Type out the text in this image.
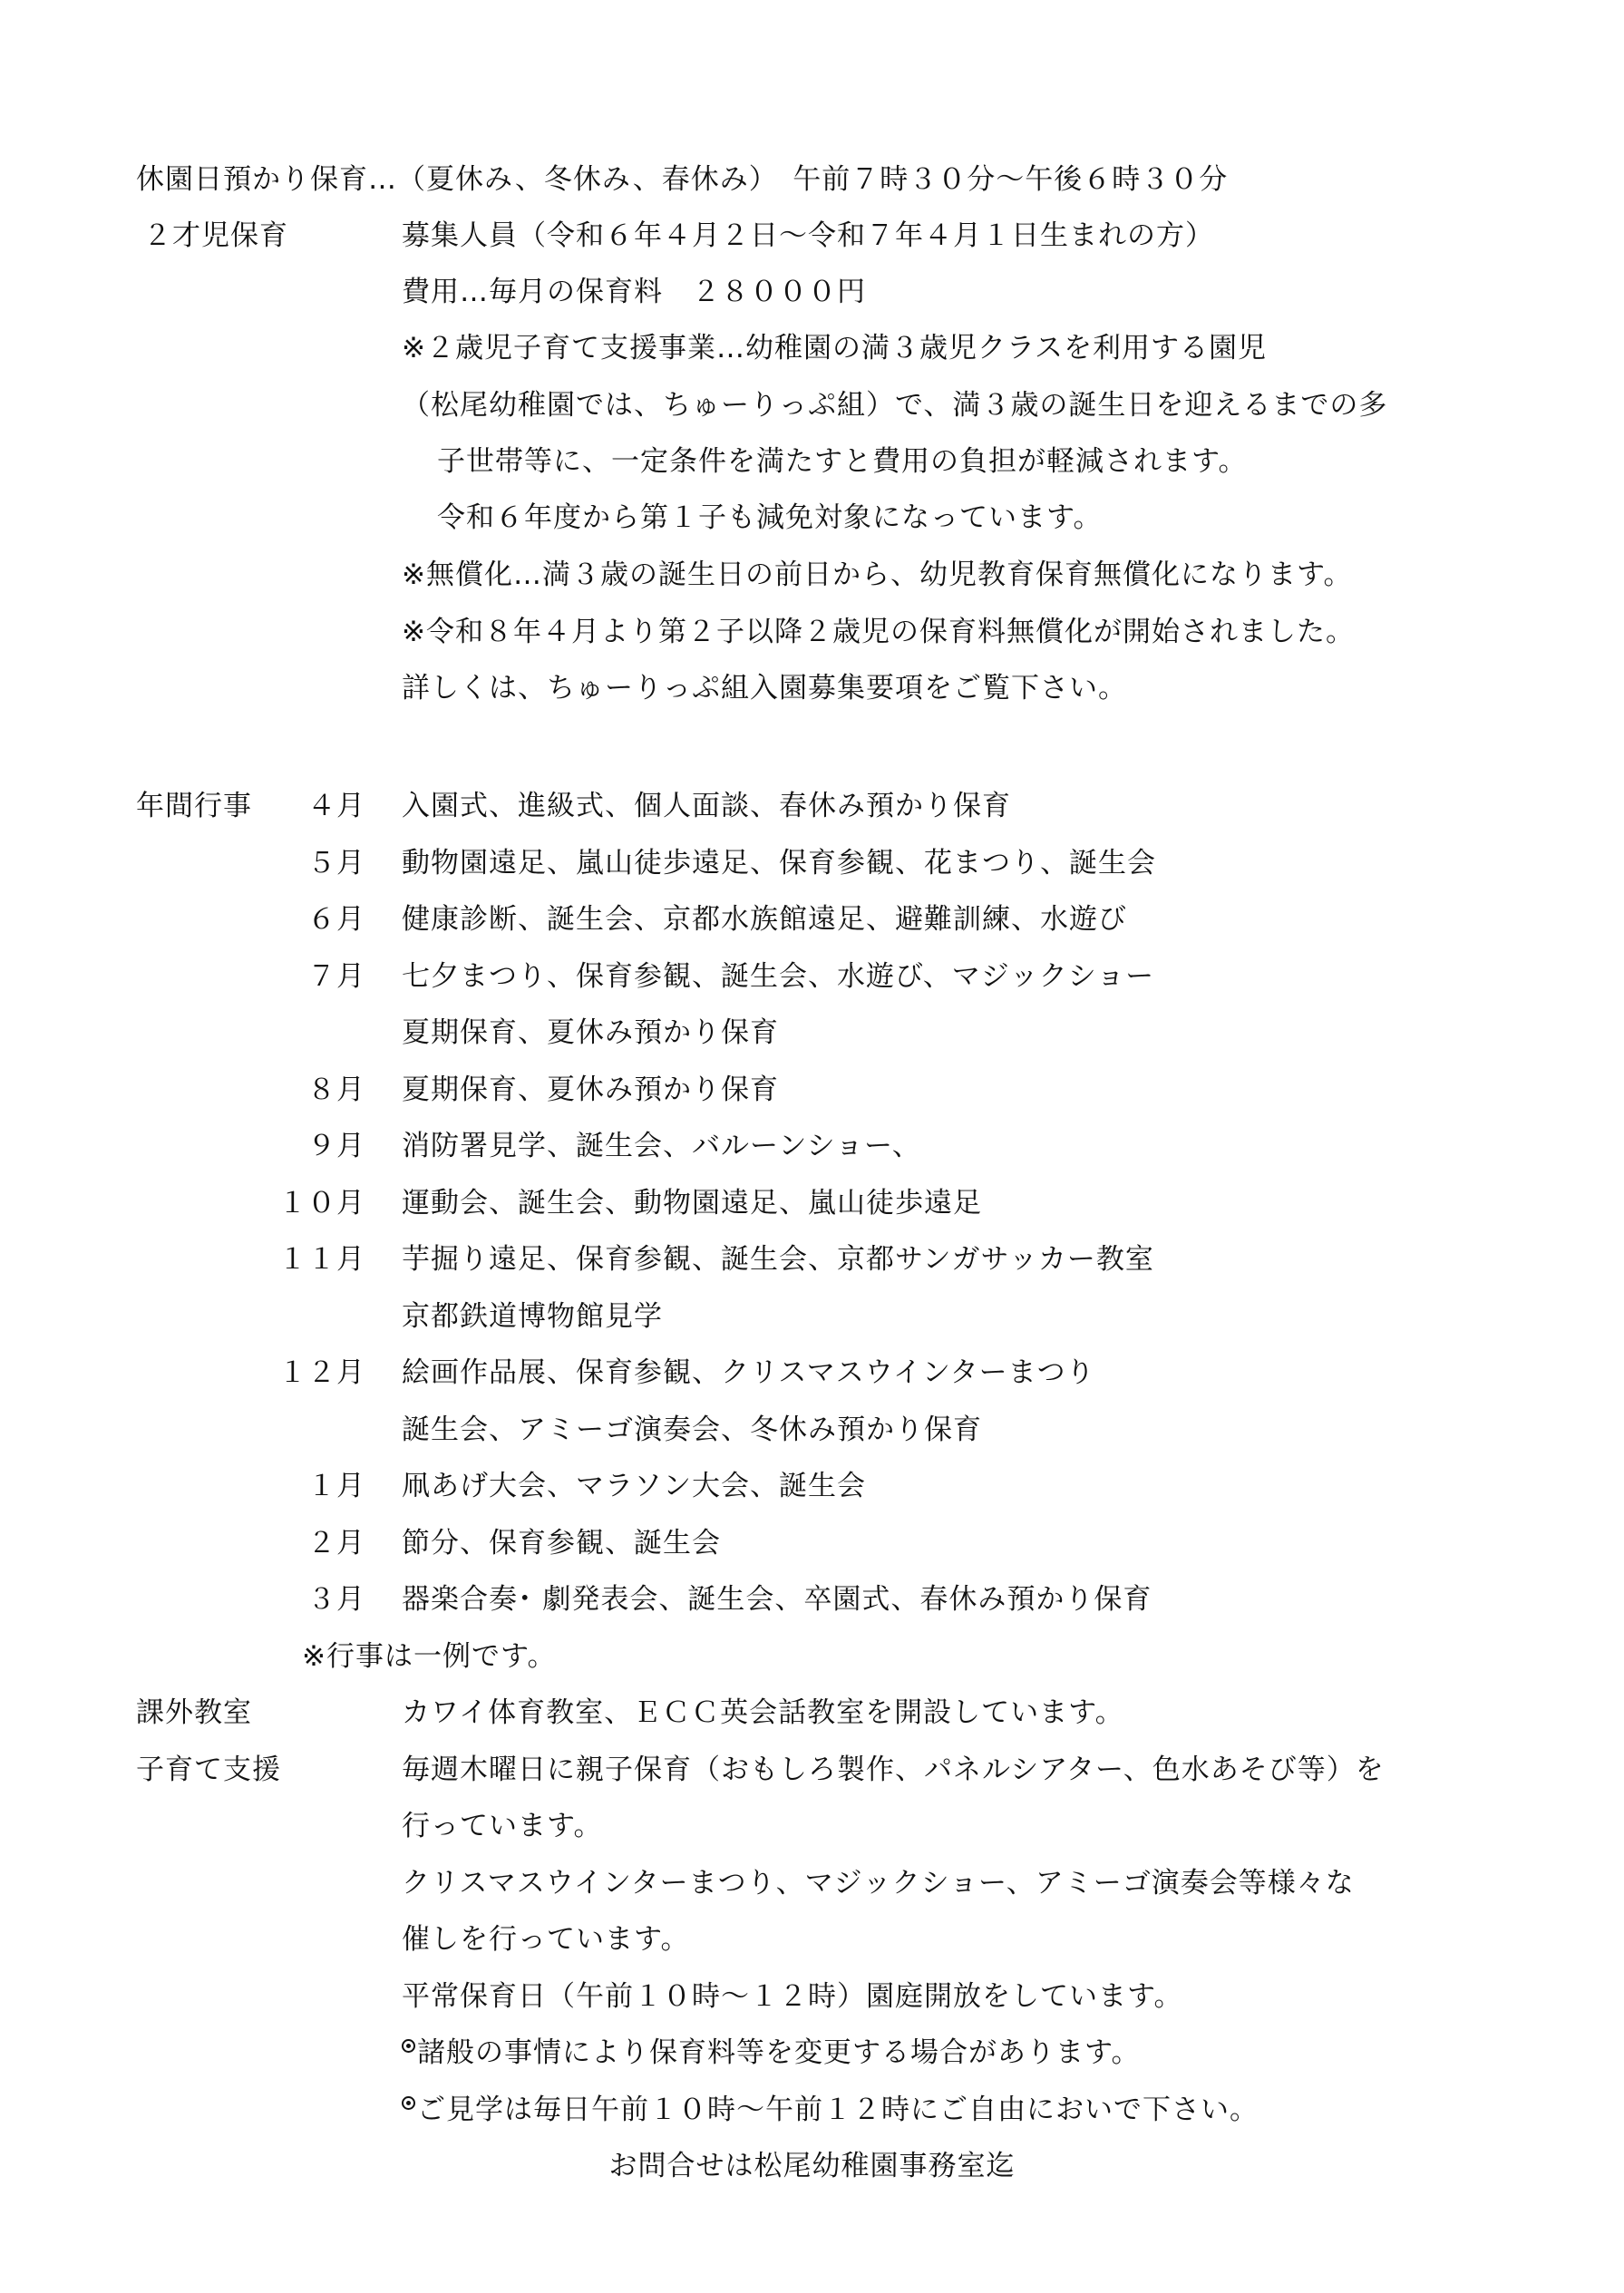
休園日預かり保育…（夏休み、冬休み、春休み）　午前７時３０分～午後６時３０分
２才児保育	募集人員（令和６年４月２日～令和７年４月１日生まれの方）
費用…毎月の保育料　２８０００円
※２歳児子育て支援事業…幼稚園の満３歳児クラスを利用する園児
（松尾幼稚園では、ちゅーりっぷ組）で、満３歳の誕生日を迎えるまでの多
子世帯等に、一定条件を満たすと費用の負担が軽減されます。
令和６年度から第１子も減免対象になっています。
※無償化…満３歳の誕生日の前日から、幼児教育保育無償化になります。
※令和８年４月より第２子以降２歳児の保育料無償化が開始されました。
詳しくは、ちゅーりっぷ組入園募集要項をご覧下さい。
年間行事	４月 入園式、進級式、個人面談、春休み預かり保育
５月 動物園遠足、嵐山徒歩遠足、保育参観、花まつり、誕生会
６月 健康診断、誕生会、京都水族館遠足、避難訓練、水遊び
７月 七夕まつり、保育参観、誕生会、水遊び、マジックショー
夏期保育、夏休み預かり保育
８月 夏期保育、夏休み預かり保育
９月 消防署見学、誕生会、バルーンショー、
１０月 運動会、誕生会、動物園遠足、嵐山徒歩遠足
１１月 芋掘り遠足、保育参観、誕生会、京都サンガサッカー教室
京都鉄道博物館見学
１２月 絵画作品展、保育参観、クリスマスウインターまつり
誕生会、アミーゴ演奏会、冬休み預かり保育
１月 凧あげ大会、マラソン大会、誕生会
２月 節分、保育参観、誕生会
３月 器楽合奏･ 劇発表会、誕生会、卒園式、春休み預かり保育
※行事は一例です。
課外教室	カワイ体育教室、ＥＣＣ英会話教室を開設しています。
子育て支援	毎週木曜日に親子保育（おもしろ製作、パネルシアター、色水あそび等）を
行っています。
クリスマスウインターまつり、マジックショー、アミーゴ演奏会等様々な
催しを行っています。
平常保育日（午前１０時～１２時）園庭開放をしています。
諸般の事情により保育料等を変更する場合があります。
ご見学は毎日午前１０時～午前１２時にご自由においで下さい。
お問合せは松尾幼稚園事務室迄
